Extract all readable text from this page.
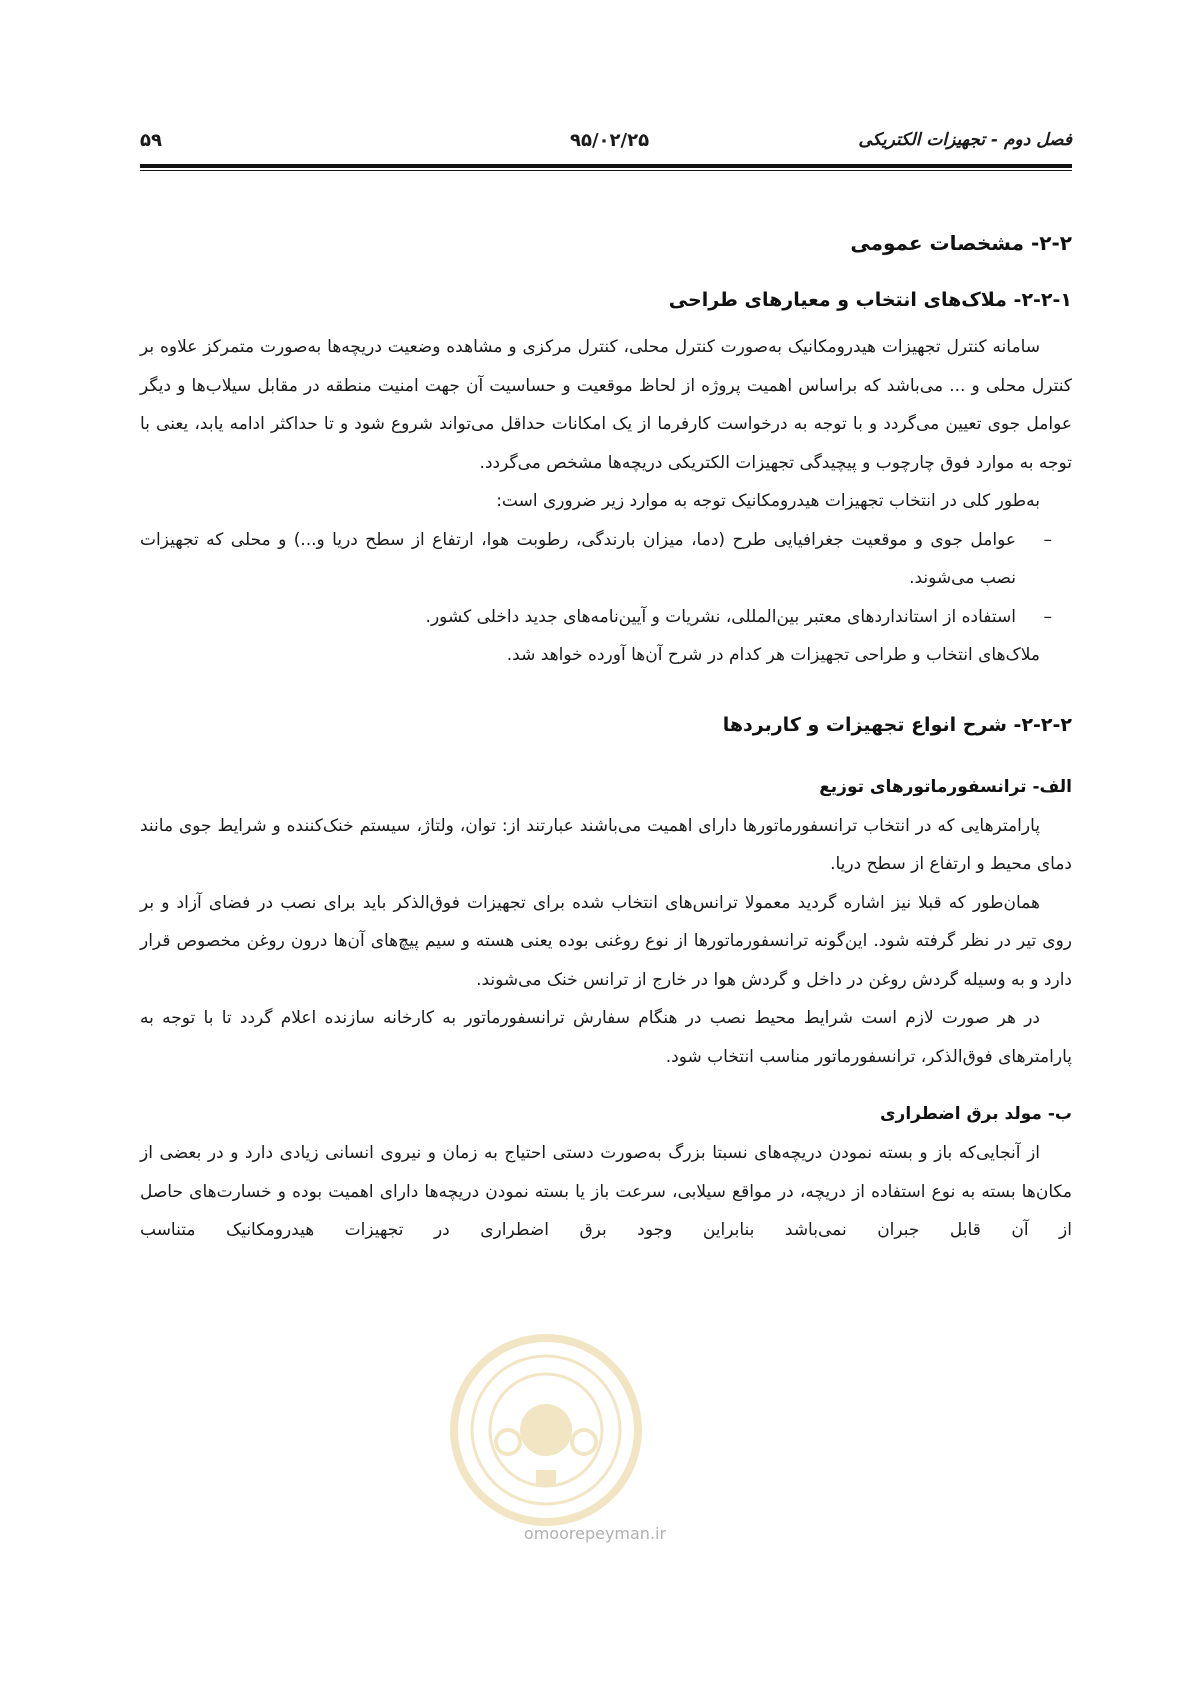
۵۹	۹۵/۰۲/۲۵	فصل دوم - تجهیزات الکتریکی
۲-۲- مشخصات عمومی
۲-۲-۱- ملاک‌های انتخاب و معیارهای طراحی

سامانه کنترل تجهیزات هیدرومکانیک به‌صورت کنترل محلی، کنترل مرکزی و مشاهده وضعیت دریچه‌ها به‌صورت متمرکز علاوه بر کنترل محلی و ... می‌باشد که براساس اهمیت پروژه از لحاظ موقعیت و حساسیت آن جهت امنیت منطقه در مقابل سیلاب‌ها و دیگر عوامل جوی تعیین می‌گردد و با توجه به درخواست کارفرما از یک امکانات حداقل می‌تواند شروع شود و تا حداکثر ادامه یابد، یعنی با توجه به موارد فوق چارچوب و پیچیدگی تجهیزات الکتریکی دریچه‌ها مشخص می‌گردد.

به‌طور کلی در انتخاب تجهیزات هیدرومکانیک توجه به موارد زیر ضروری است:

–
عوامل جوی و موقعیت جغرافیایی طرح (دما، میزان بارندگی، رطوبت هوا، ارتفاع از سطح دریا و...) و محلی که تجهیزات نصب می‌شوند.
–
استفاده از استانداردهای معتبر بین‌المللی، نشریات و آیین‌نامه‌های جدید داخلی کشور.

ملاک‌های انتخاب و طراحی تجهیزات هر کدام در شرح آن‌ها آورده خواهد شد.

۲-۲-۲- شرح انواع تجهیزات و کاربردها
الف- ترانسفورماتورهای توزیع

پارامترهایی که در انتخاب ترانسفورماتورها دارای اهمیت می‌باشند عبارتند از: توان، ولتاژ، سیستم خنک‌کننده و شرایط جوی مانند دمای محیط و ارتفاع از سطح دریا.

همان‌طور که قبلا نیز اشاره گردید معمولا ترانس‌های انتخاب شده برای تجهیزات فوق‌الذکر باید برای نصب در فضای آزاد و بر روی تیر در نظر گرفته شود. این‌گونه ترانسفورماتورها از نوع روغنی بوده یعنی هسته و سیم پیچ‌های آن‌ها درون روغن مخصوص قرار دارد و به وسیله گردش روغن در داخل و گردش هوا در خارج از ترانس خنک می‌شوند.

در هر صورت لازم است شرایط محیط نصب در هنگام سفارش ترانسفورماتور به کارخانه سازنده اعلام گردد تا با توجه به پارامترهای فوق‌الذکر، ترانسفورماتور مناسب انتخاب شود.

ب- مولد برق اضطراری

از آنجایی‌که باز و بسته نمودن دریچه‌های نسبتا بزرگ به‌صورت دستی احتیاج به زمان و نیروی انسانی زیادی دارد و در بعضی از مکان‌ها بسته به نوع استفاده از دریچه، در مواقع سیلابی، سرعت باز یا بسته نمودن دریچه‌ها دارای اهمیت بوده و خسارت‌های حاصل از آن قابل جبران نمی‌باشد بنابراین وجود برق اضطراری در تجهیزات هیدرومکانیک متناسب

omoorepeyman.ir
